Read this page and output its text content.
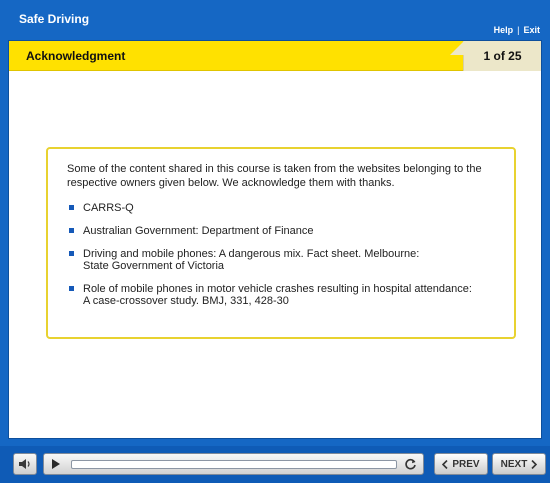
Safe Driving
Help | Exit
Acknowledgment	1 of 25

Some of the content shared in this course is taken from the websites belonging to the respective owners given below. We acknowledge them with thanks.

CARRS-Q
Australian Government: Department of Finance
Driving and mobile phones: A dangerous mix. Fact sheet. Melbourne:
State Government of Victoria
Role of mobile phones in motor vehicle crashes resulting in hospital attendance:
A case-crossover study. BMJ, 331, 428-30
PREV NEXT
